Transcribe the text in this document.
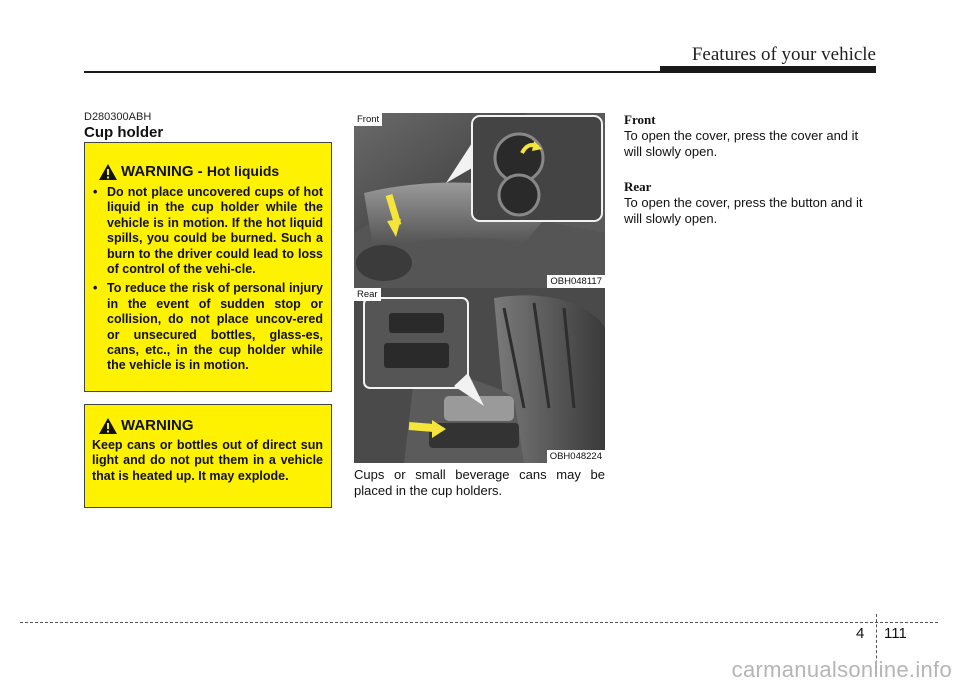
Features of your vehicle
D280300ABH
Cup holder
WARNING - Hot liquids
• Do not place uncovered cups of hot liquid in the cup holder while the vehicle is in motion. If the hot liquid spills, you could be burned. Such a burn to the driver could lead to loss of control of the vehi-cle.
• To reduce the risk of personal injury in the event of sudden stop or collision, do not place uncov-ered or unsecured bottles, glass-es, cans, etc., in the cup holder while the vehicle is in motion.
WARNING
Keep cans or bottles out of direct sun light and do not put them in a vehicle that is heated up. It may explode.
Front
OBH048117
Rear
OBH048224
Cups or small beverage cans may be placed in the cup holders.
Front
To open the cover, press the cover and it will slowly open.
Rear
To open the cover, press the button and it will slowly open.
4 111
carmanualsonline.info
